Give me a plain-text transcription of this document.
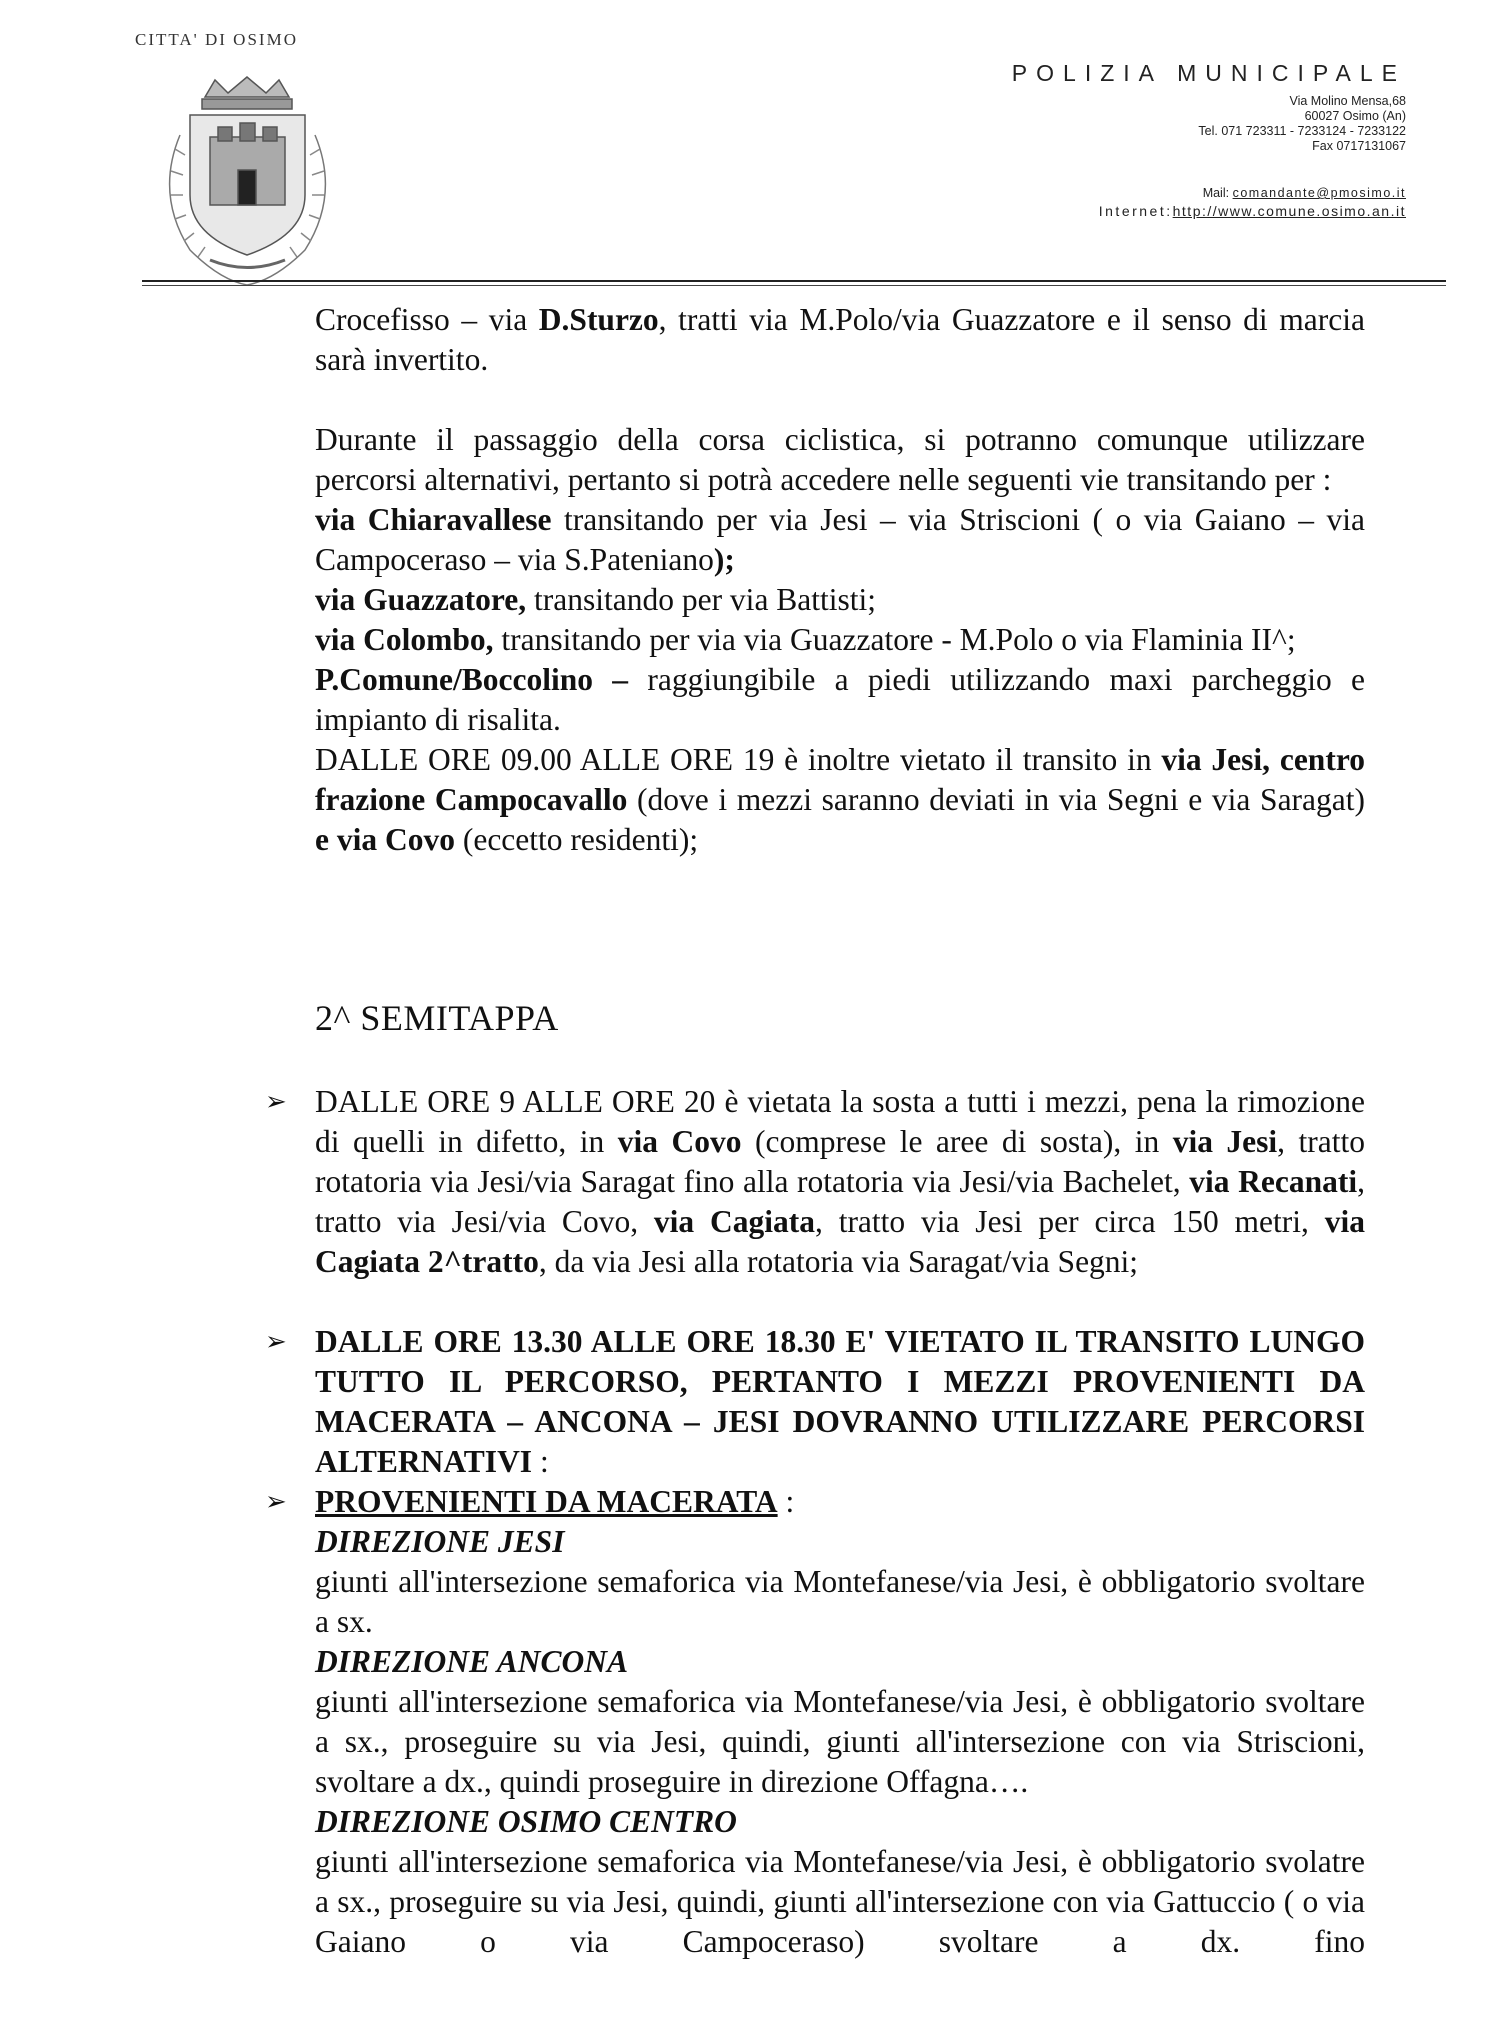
CITTA' DI OSIMO
POLIZIA MUNICIPALE
Via Molino Mensa,68
60027 Osimo (An)
Tel. 071 723311 - 7233124 - 7233122
Fax 0717131067
Mail: comandante@pmosimo.it
Internet:http://www.comune.osimo.an.it

Crocefisso – via D.Sturzo, tratti via M.Polo/via Guazzatore e il senso di marcia sarà invertito.

Durante il passaggio della corsa ciclistica, si potranno comunque utilizzare percorsi alternativi, pertanto si potrà accedere nelle seguenti vie transitando per :

via Chiaravallese transitando per via Jesi – via Striscioni ( o via Gaiano – via Campoceraso – via S.Pateniano);

via Guazzatore, transitando per via Battisti;

via Colombo, transitando per via via Guazzatore - M.Polo o via Flaminia II^;

P.Comune/Boccolino – raggiungibile a piedi utilizzando maxi parcheggio e impianto di risalita.

DALLE ORE 09.00 ALLE ORE 19 è inoltre vietato il transito in via Jesi, centro frazione Campocavallo (dove i mezzi saranno deviati in via Segni e via Saragat) e via Covo (eccetto residenti);

2^ SEMITAPPA
➢ DALLE ORE 9 ALLE ORE 20 è vietata la sosta a tutti i mezzi, pena la rimozione di quelli in difetto, in via Covo (comprese le aree di sosta), in via Jesi, tratto rotatoria via Jesi/via Saragat fino alla rotatoria via Jesi/via Bachelet, via Recanati, tratto via Jesi/via Covo, via Cagiata, tratto via Jesi per circa 150 metri, via Cagiata 2^tratto, da via Jesi alla rotatoria via Saragat/via Segni;

➢ DALLE ORE 13.30 ALLE ORE 18.30 E' VIETATO IL TRANSITO LUNGO TUTTO IL PERCORSO, PERTANTO I MEZZI PROVENIENTI DA MACERATA – ANCONA – JESI DOVRANNO UTILIZZARE PERCORSI ALTERNATIVI :

➢ PROVENIENTI DA MACERATA :
DIREZIONE JESI

giunti all'intersezione semaforica via Montefanese/via Jesi, è obbligatorio svoltare a sx.

DIREZIONE ANCONA

giunti all'intersezione semaforica via Montefanese/via Jesi, è obbligatorio svoltare a sx., proseguire su via Jesi, quindi, giunti all'intersezione con via Striscioni, svoltare a dx., quindi proseguire in direzione Offagna….

DIREZIONE OSIMO CENTRO

giunti all'intersezione semaforica via Montefanese/via Jesi, è obbligatorio svolatre a sx., proseguire su via Jesi, quindi, giunti all'intersezione con via Gattuccio ( o via Gaiano o via Campoceraso) svoltare a dx. fino
